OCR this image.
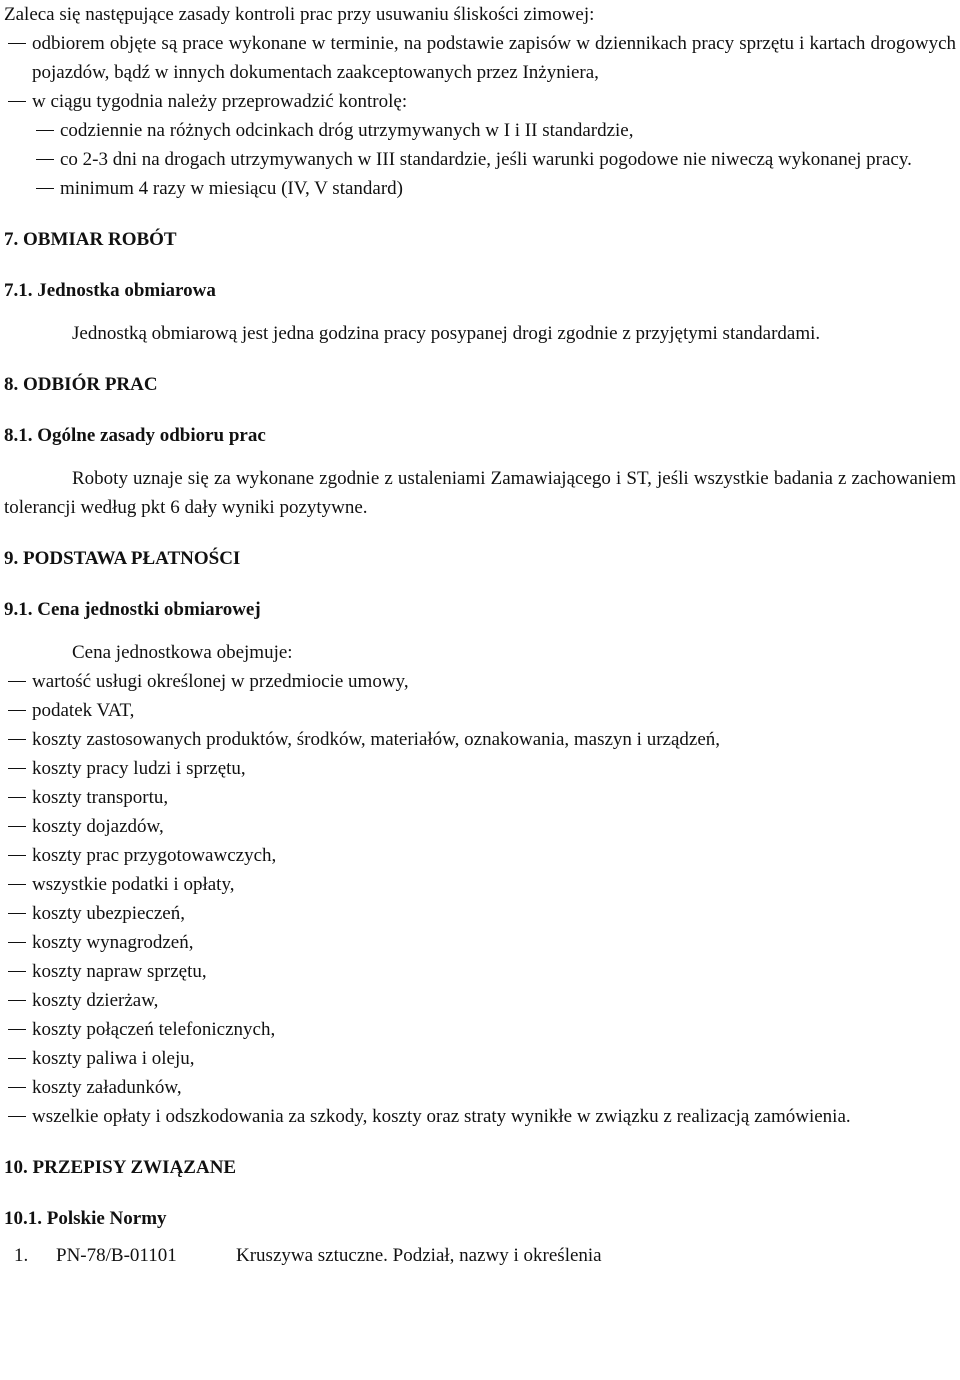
Zaleca się następujące zasady kontroli prac przy usuwaniu śliskości zimowej:

odbiorem objęte są prace wykonane w terminie, na podstawie zapisów w dziennikach pracy sprzętu i kartach drogowych pojazdów, bądź w innych dokumentach zaakceptowanych przez Inżyniera,

w ciągu tygodnia należy przeprowadzić kontrolę:

codziennie na różnych odcinkach dróg utrzymywanych w I i II standardzie,

co 2-3 dni na drogach utrzymywanych w III standardzie, jeśli warunki pogodowe nie niweczą wykonanej pracy.

minimum 4 razy w miesiącu (IV, V standard)

7. OBMIAR ROBÓT

7.1. Jednostka obmiarowa

Jednostką obmiarową jest jedna godzina pracy posypanej drogi zgodnie z przyjętymi standardami.

8. ODBIÓR PRAC

8.1. Ogólne zasady odbioru prac

Roboty uznaje się za wykonane zgodnie z ustaleniami Zamawiającego i ST, jeśli wszystkie badania z zachowaniem tolerancji według pkt 6 dały wyniki pozytywne.

9. PODSTAWA PŁATNOŚCI

9.1. Cena jednostki obmiarowej

Cena jednostkowa obejmuje:

wartość usługi określonej w przedmiocie umowy,

podatek VAT,

koszty zastosowanych produktów, środków, materiałów, oznakowania, maszyn i urządzeń,

koszty pracy ludzi i sprzętu,

koszty transportu,

koszty dojazdów,

koszty prac przygotowawczych,

wszystkie podatki i opłaty,

koszty ubezpieczeń,

koszty wynagrodzeń,

koszty napraw sprzętu,

koszty dzierżaw,

koszty połączeń telefonicznych,

koszty paliwa i oleju,

koszty załadunków,

wszelkie opłaty i odszkodowania za szkody, koszty oraz straty wynikłe w związku z realizacją zamówienia.

10. PRZEPISY ZWIĄZANE

10.1. Polskie Normy

1.	PN-78/B-01101	Kruszywa sztuczne. Podział, nazwy i określenia
